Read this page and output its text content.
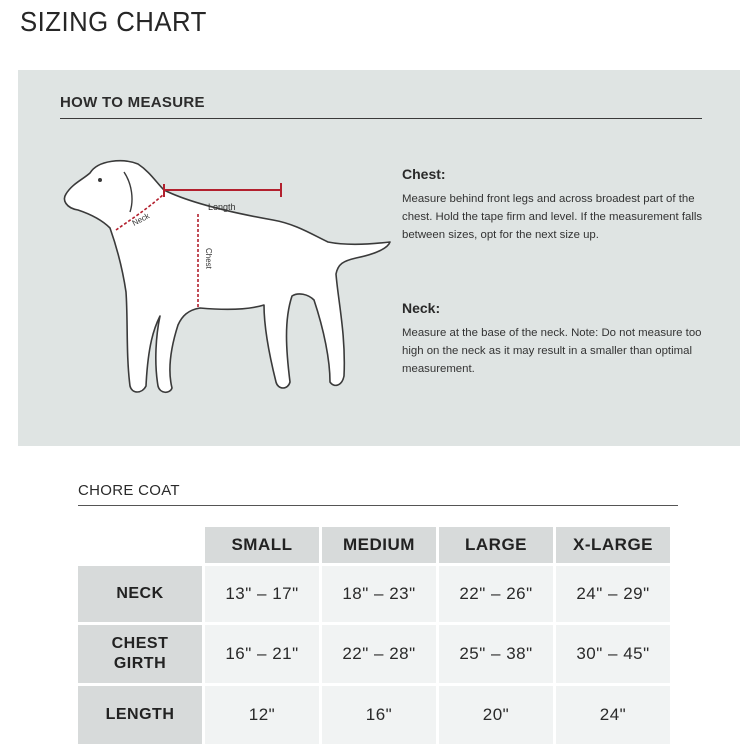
SIZING CHART
HOW TO MEASURE
Length
Neck
Chest
Chest:
Measure behind front legs and across broadest part of the chest. Hold the tape firm and level. If the measurement falls between sizes, opt for the next size up.
Neck:
Measure at the base of the neck. Note: Do not measure too high on the neck as it may result in a smaller than optimal measurement.
CHORE COAT
	SMALL	MEDIUM	LARGE	X-LARGE
NECK	13" – 17"	18" – 23"	22" – 26"	24" – 29"
CHEST
GIRTH	16" – 21"	22" – 28"	25" – 38"	30" – 45"
LENGTH	12"	16"	20"	24"
